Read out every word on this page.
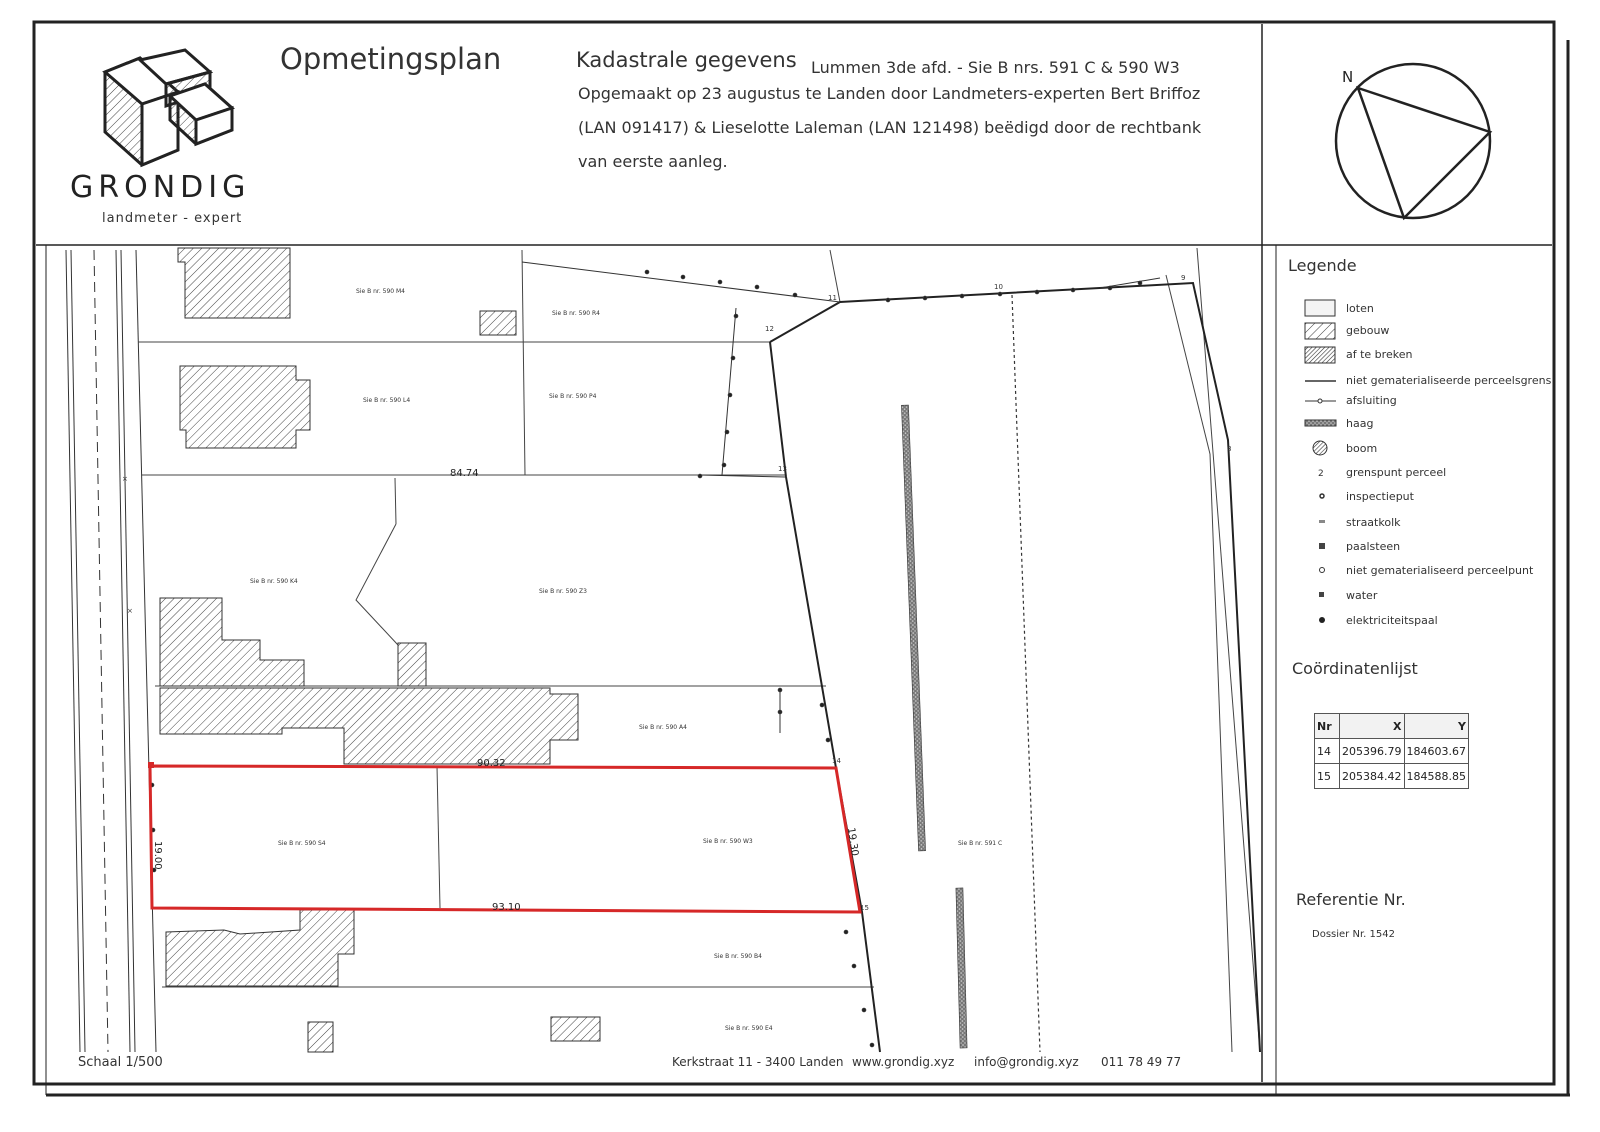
×
×
Sie B nr. 590 M4
Sie B nr. 590 R4
Sie B nr. 590 L4
Sie B nr. 590 P4
Sie B nr. 590 K4
Sie B nr. 590 Z3
Sie B nr. 590 A4
Sie B nr. 590 S4	Sie B nr. 590 W3	Sie B nr. 591 C
Sie B nr. 590 B4
Sie B nr. 590 E4
84.74
90.32
19.00	19.30
93.10
9
10
11
12
13
14
15
8
2
Opmetingsplan	Kadastrale gegevens Lummen 3de afd. - Sie B nrs. 591 C & 590 W3
Opgemaakt op 23 augustus te Landen door Landmeters-experten Bert Briffoz
(LAN 091417) & Lieselotte Laleman (LAN 121498) beëdigd door de rechtbank
van eerste aanleg.
GRONDIG
landmeter - expert
N
Legende
loten
gebouw
af te breken
niet gematerialiseerde perceelsgrens
afsluiting
haag
boom
grenspunt perceel
inspectieput
straatkolk
paalsteen
niet gematerialiseerd perceelpunt
water
elektriciteitspaal
Coördinatenlijst
Nr	X	Y
14	205396.79	184603.67
15	205384.42	184588.85
Referentie Nr.
Dossier Nr. 1542
Schaal 1/500	Kerkstraat 11 - 3400 Landen www.grondig.xyz info@grondig.xyz 011 78 49 77
